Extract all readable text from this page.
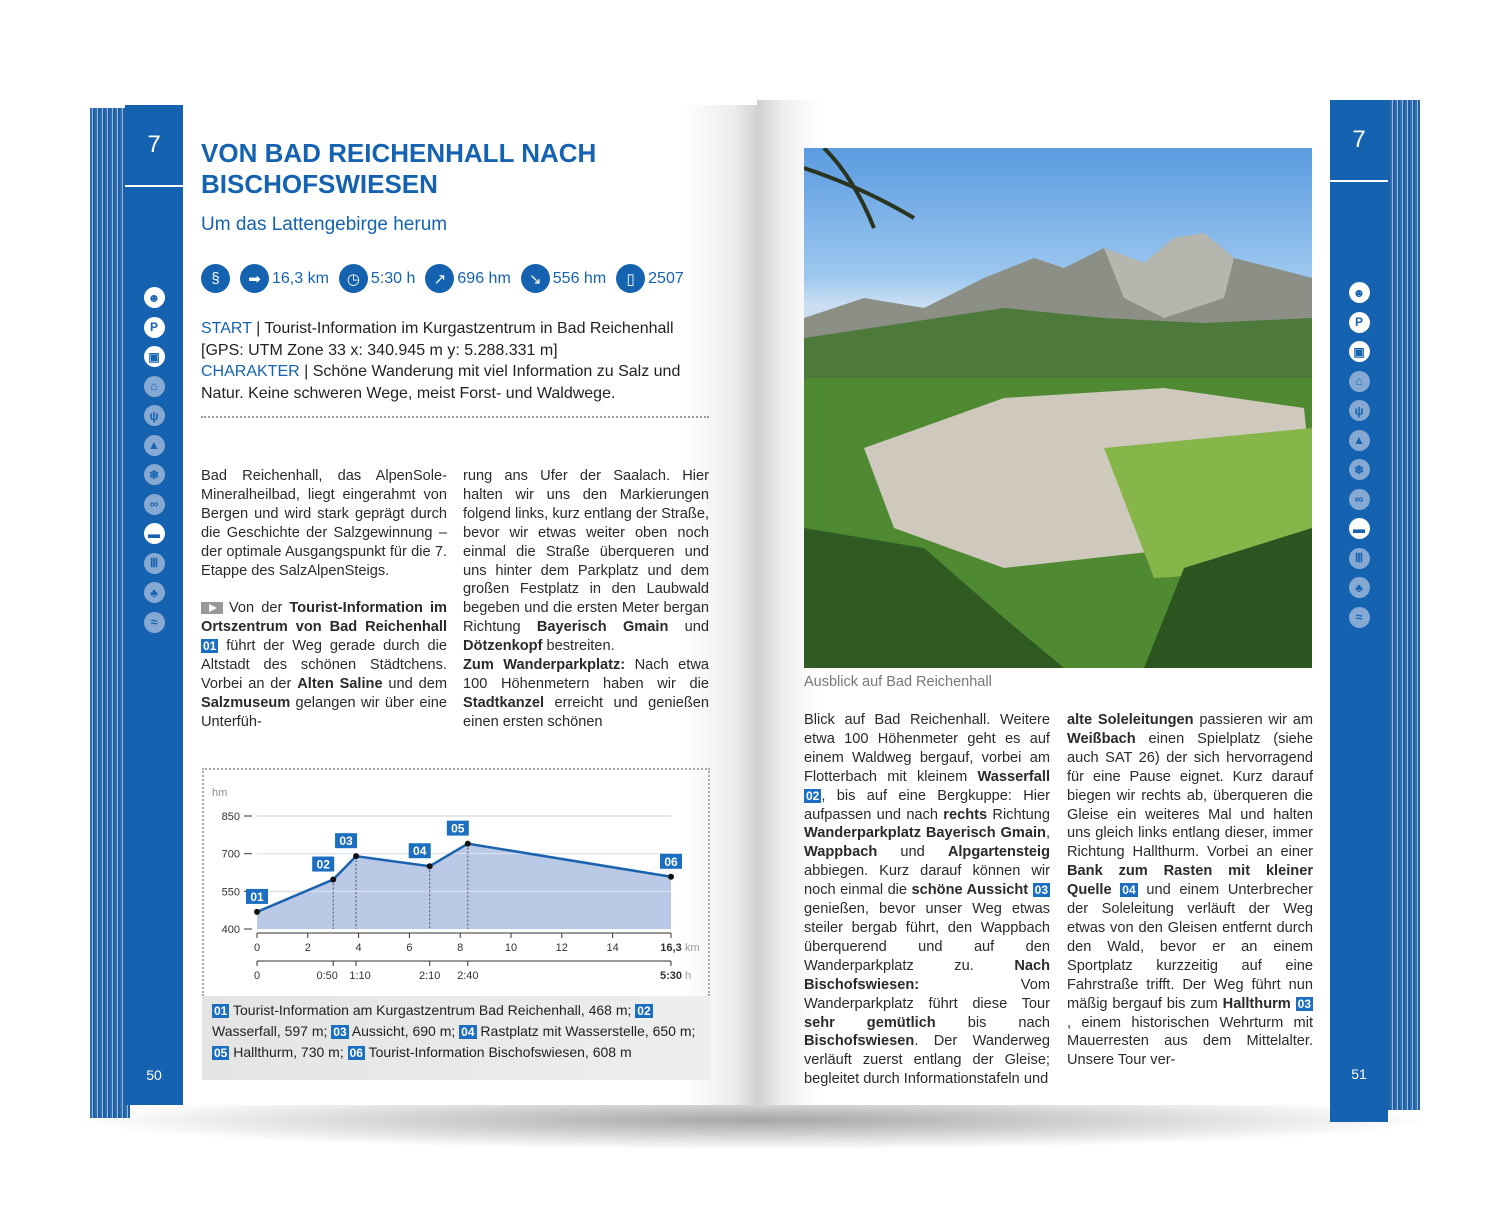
7
☻
P
▣
⌂
ψ
▲
❄
∞
▬
Ⅲ
♣
≈
50
7
☻
P
▣
⌂
ψ
▲
❄
∞
▬
Ⅲ
♣
≈
51
VON BAD REICHENHALL NACH BISCHOFSWIESEN
Um das Lattengebirge herum
§	➡ 16,3 km	◷ 5:30 h	↗ 696 hm	↘ 556 hm	▯ 2507
START | Tourist-Information im Kurgastzentrum in Bad Reichenhall [GPS: UTM Zone 33 x: 340.945 m y: 5.288.331 m]
CHARAKTER | Schöne Wanderung mit viel Information zu Salz und Natur. Keine schweren Wege, meist Forst- und Waldwege.

Bad Reichenhall, das AlpenSole-Mineralheilbad, liegt eingerahmt von Bergen und wird stark geprägt durch die Geschichte der Salzgewinnung – der optimale Ausgangspunkt für die 7. Etappe des SalzAlpenSteigs.

Von der Tourist-Information im Ortszentrum von Bad Reichenhall 01 führt der Weg gerade durch die Altstadt des schönen Städtchens. Vorbei an der Alten Saline und dem Salzmuseum gelangen wir über eine Unterfüh-

rung ans Ufer der Saalach. Hier halten wir uns den Markierungen folgend links, kurz entlang der Straße, bevor wir etwas weiter oben noch einmal die Straße überqueren und uns hinter dem Parkplatz und dem großen Festplatz in den Laubwald begeben und die ersten Meter bergan Richtung Bayerisch Gmain und Dötzenkopf bestreiten.

Zum Wanderparkplatz: Nach etwa 100 Höhenmetern haben wir die Stadtkanzel erreicht und genießen einen ersten schönen

hm
400
550
700
850
0	2	4	6	8	10	12	14	16,3 km
0	0:50 1:10	2:10 2:40	5:30 h
01
02
03
04
05
06
01 Tourist-Information am Kurgastzentrum Bad Reichenhall, 468 m; 02 Wasserfall, 597 m; 03 Aussicht, 690 m; 04 Rastplatz mit Wasserstelle, 650 m; 05 Hallthurm, 730 m; 06 Tourist-Information Bischofswiesen, 608 m
Ausblick auf Bad Reichenhall

Blick auf Bad Reichenhall. Weitere etwa 100 Höhenmeter geht es auf einem Waldweg bergauf, vorbei am Flotterbach mit kleinem Wasserfall 02 , bis auf eine Bergkuppe: Hier aufpassen und nach rechts Richtung Wanderparkplatz Bayerisch Gmain, Wappbach und Alpgartensteig abbiegen. Kurz darauf können wir noch einmal die schöne Aussicht 03 genießen, bevor unser Weg etwas steiler bergab führt, den Wappbach überquerend und auf den Wanderparkplatz zu. Nach Bischofswiesen: Vom Wanderparkplatz führt diese Tour sehr gemütlich bis nach Bischofswiesen. Der Wanderweg verläuft zuerst entlang der Gleise; begleitet durch Informationstafeln und

alte Soleleitungen passieren wir am Weißbach einen Spielplatz (siehe auch SAT 26) der sich hervorragend für eine Pause eignet. Kurz darauf biegen wir rechts ab, überqueren die Gleise ein weiteres Mal und halten uns gleich links entlang dieser, immer Richtung Hallthurm. Vorbei an einer Bank zum Rasten mit kleiner Quelle 04 und einem Unterbrecher der Soleleitung verläuft der Weg etwas von den Gleisen entfernt durch den Wald, bevor er an einem Sportplatz kurzzeitig auf eine Fahrstraße trifft. Der Weg führt nun mäßig bergauf bis zum Hallthurm 03, einem historischen Wehrturm mit Mauerresten aus dem Mittelalter. Unsere Tour ver-
